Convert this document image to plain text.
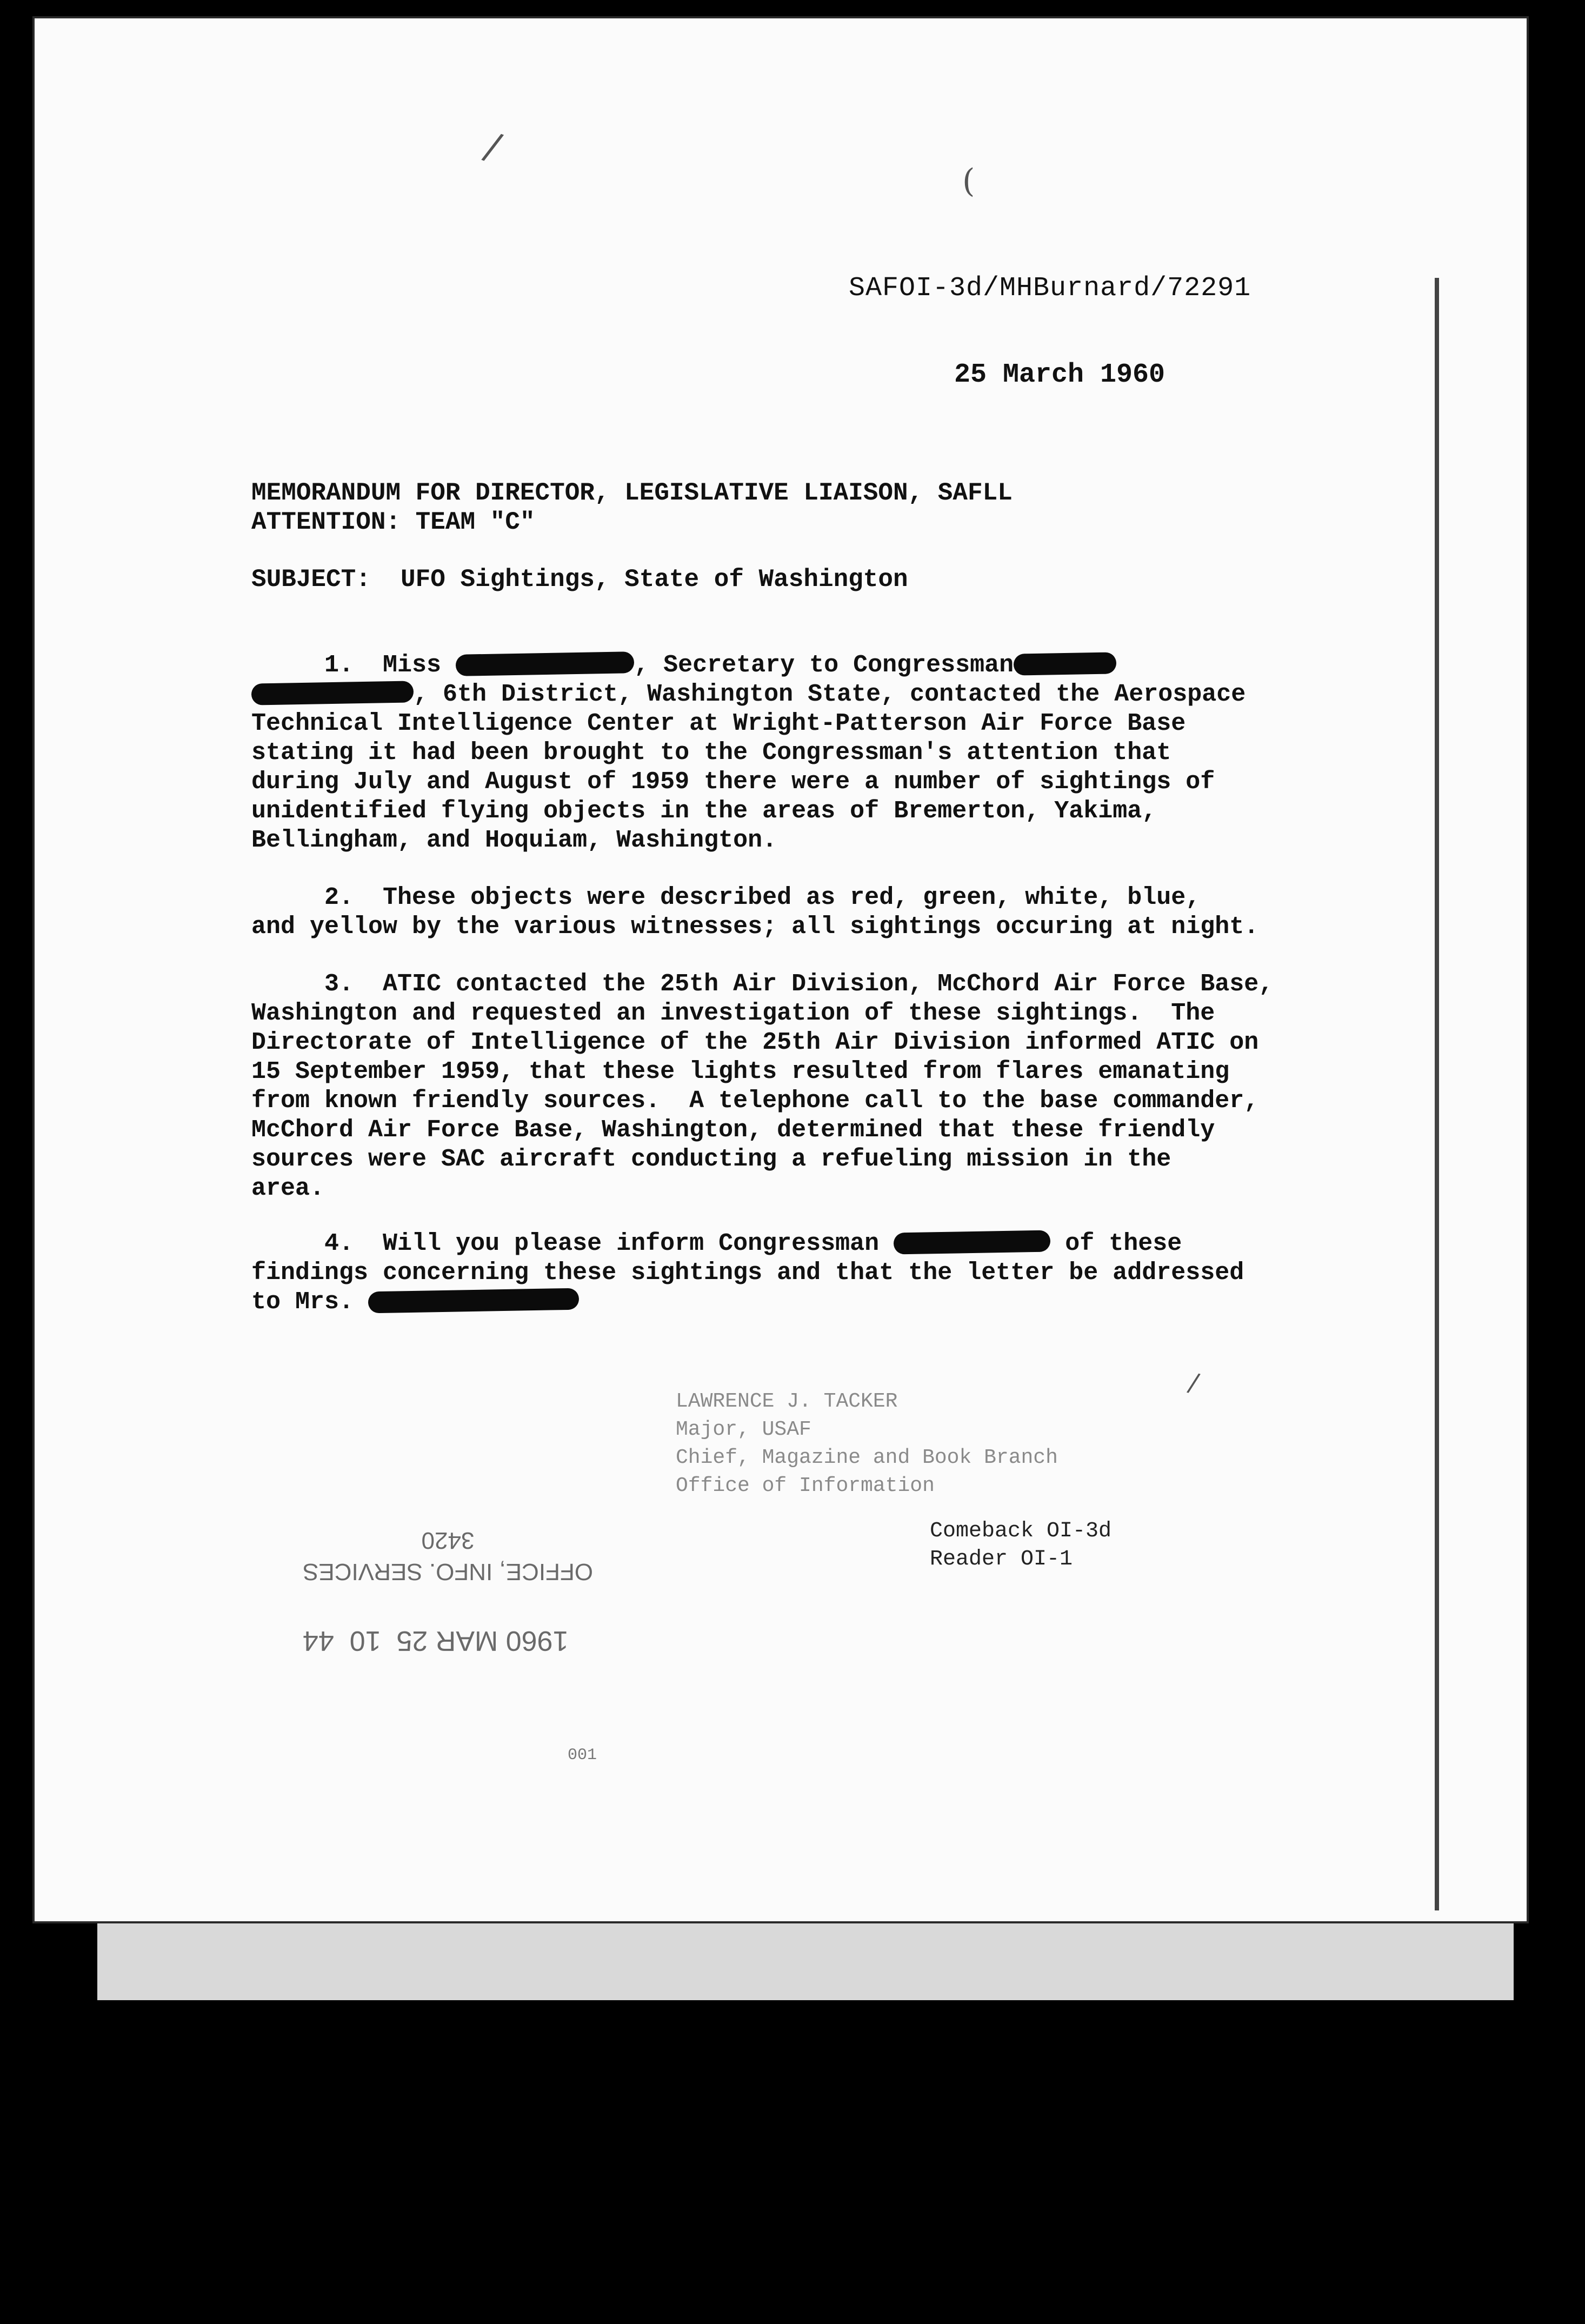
/
(
/
SAFOI-3d/MHBurnard/72291
25 March 1960
MEMORANDUM FOR DIRECTOR, LEGISLATIVE LIAISON, SAFLL
ATTENTION: TEAM "C"
SUBJECT:  UFO Sightings, State of Washington

1.  Miss	, Secretary to Congressman
, 6th District, Washington State, contacted the Aerospace
Technical Intelligence Center at Wright-Patterson Air Force Base
stating it had been brought to the Congressman's attention that
during July and August of 1959 there were a number of sightings of
unidentified flying objects in the areas of Bremerton, Yakima,
Bellingham, and Hoquiam, Washington.

2.  These objects were described as red, green, white, blue,
and yellow by the various witnesses; all sightings occuring at night.

3.  ATIC contacted the 25th Air Division, McChord Air Force Base,
Washington and requested an investigation of these sightings.  The
Directorate of Intelligence of the 25th Air Division informed ATIC on
15 September 1959, that these lights resulted from flares emanating
from known friendly sources.  A telephone call to the base commander,
McChord Air Force Base, Washington, determined that these friendly
sources were SAC aircraft conducting a refueling mission in the
area.

4.  Will you please inform Congressman	of these
findings concerning these sightings and that the letter be addressed
to Mrs.

LAWRENCE J. TACKER
Major, USAF
Chief, Magazine and Book Branch
Office of Information

Comeback OI-3d
Reader OI-1

OFFICE, INFO. SERVICES
3420
1960 MAR 25  10  44
001
